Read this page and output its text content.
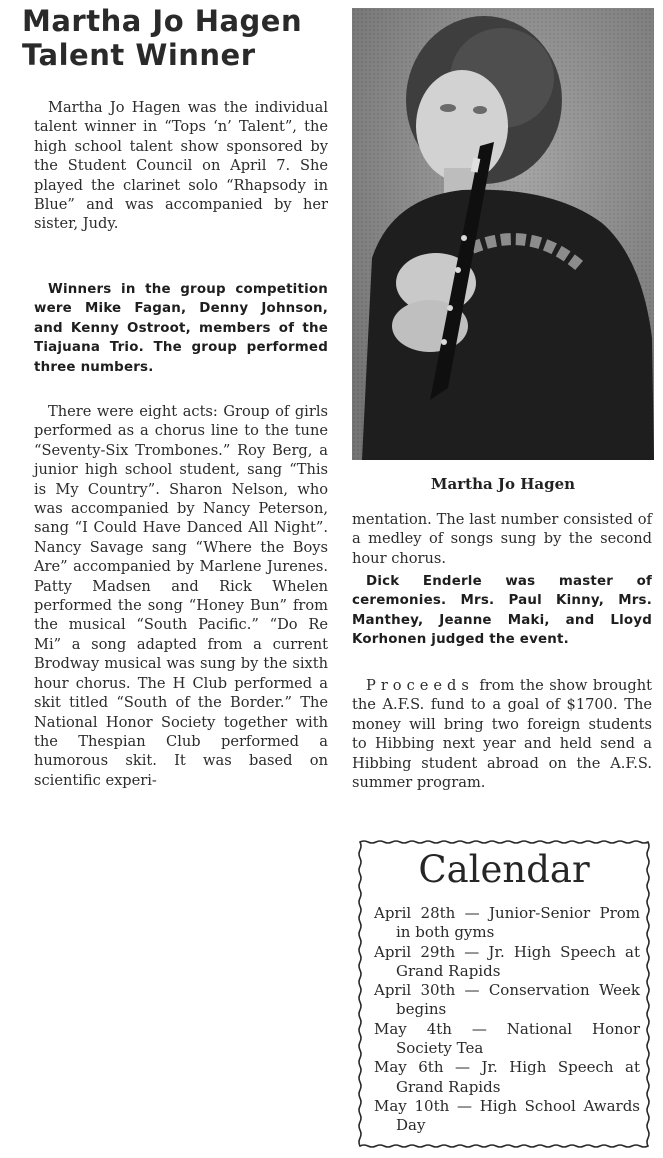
Martha Jo Hagen
Talent Winner

Martha Jo Hagen was the individual talent winner in “Tops ‘n’ Talent”, the high school talent show sponsored by the Student Council on April 7. She played the clarinet solo “Rhapsody in Blue” and was accompanied by her sister, Judy.

Winners in the group competition were Mike Fagan, Denny Johnson, and Kenny Ostroot, members of the Tiajuana Trio. The group performed three numbers.

There were eight acts: Group of girls performed as a chorus line to the tune “Seventy-Six Trombones.” Roy Berg, a junior high school student, sang “This is My Country”. Sharon Nelson, who was accompanied by Nancy Peterson, sang “I Could Have Danced All Night”. Nancy Savage sang “Where the Boys Are” accompanied by Marlene Jurenes. Patty Madsen and Rick Whelen performed the song “Honey Bun” from the musical “South Pacific.” “Do Re Mi” a song adapted from a current Brodway musical was sung by the sixth hour chorus. The H Club performed a skit titled “South of the Border.” The National Honor Society together with the Thespian Club performed a humorous skit. It was based on scientific experi-

Martha Jo Hagen

mentation. The last number consisted of a medley of songs sung by the second hour chorus.

Dick Enderle was master of ceremonies. Mrs. Paul Kinny, Mrs. Manthey, Jeanne Maki, and Lloyd Korhonen judged the event.

Proceeds from the show brought the A.F.S. fund to a goal of $1700. The money will bring two foreign students to Hibbing next year and held send a Hibbing student abroad on the A.F.S. summer program.

Calendar
April 28th — Junior-Senior Prom in both gyms
April 29th — Jr. High Speech at Grand Rapids
April 30th — Conservation Week begins
May 4th — National Honor Society Tea
May 6th — Jr. High Speech at Grand Rapids
May 10th — High School Awards Day
